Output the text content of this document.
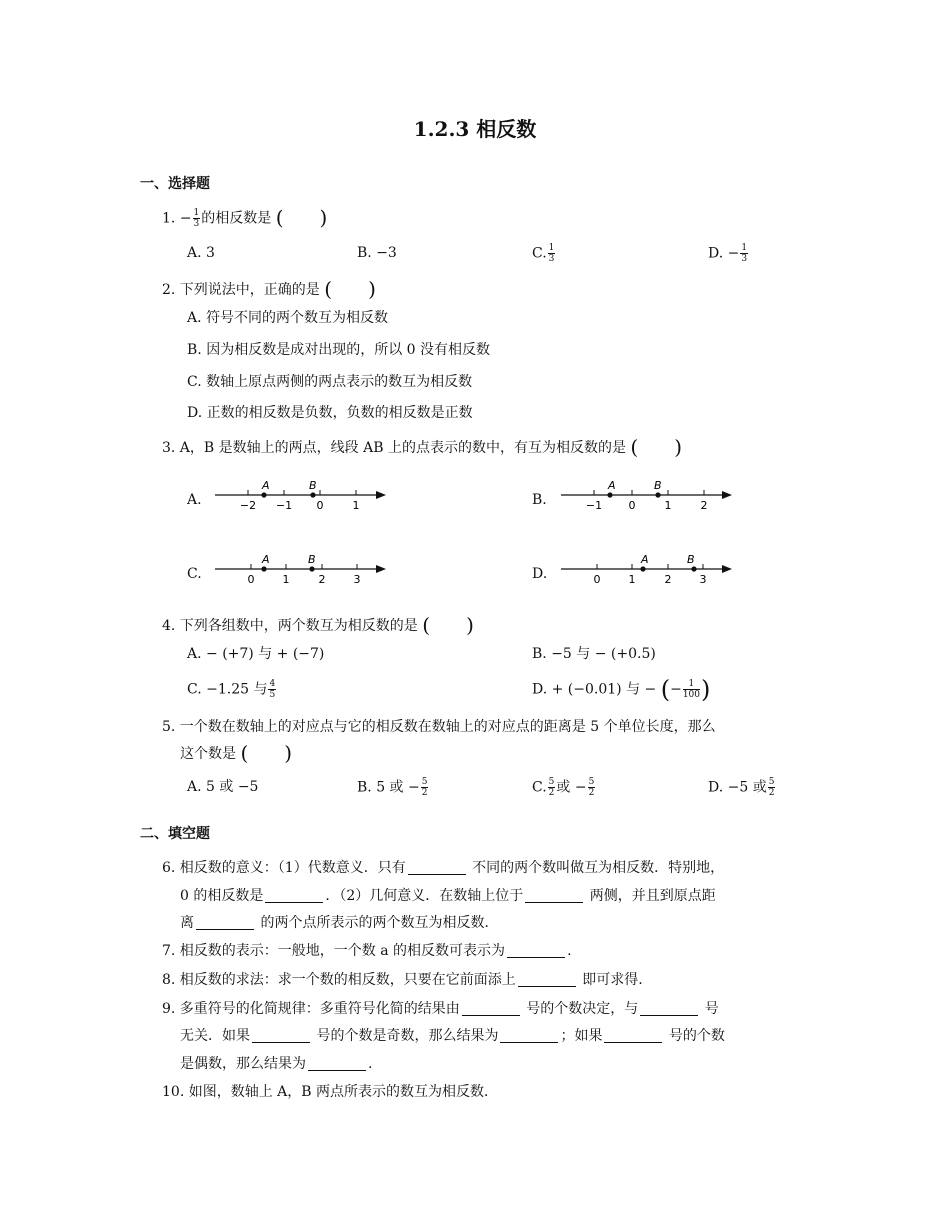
1.2.3 相反数
一、选择题
1. − $\frac{1}{3}$ 的相反数是 ( )
A. 3	B. −3	C. $\frac{1}{3}$	D. − $\frac{1}{3}$
2. 下列说法中，正确的是 ( )
A. 符号不同的两个数互为相反数
B. 因为相反数是成对出现的，所以 0 没有相反数
C. 数轴上原点两侧的两点表示的数互为相反数
D. 正数的相反数是负数，负数的相反数是正数
3. A，B 是数轴上的两点，线段 AB 上的点表示的数中，有互为相反数的是 ( )
A.
A	B
−2 −1 0	1	B.
A	B
−1 0	1	2
C.
A	B
0	1	2	3	D.
A	B
0	1	2	3
4. 下列各组数中，两个数互为相反数的是 ( )
A. − (+7) 与 + (−7)	B. −5 与 − (+0.5)
C. −1.25 与 $\frac{4}{5}$	D. + (−0.01) 与 − (− $\frac{1}{100}$ )
5. 一个数在数轴上的对应点与它的相反数在数轴上的对应点的距离是 5 个单位长度，那么
这个数是 ( )
A. 5 或 −5	B. 5 或 − $\frac{5}{2}$	C. $\frac{5}{2}$ 或 − $\frac{5}{2}$	D. −5 或 $\frac{5}{2}$
二、填空题
6. 相反数的意义：（1）代数意义．只有	不同的两个数叫做互为相反数．特别地，
0 的相反数是	．（2）几何意义．在数轴上位于	两侧，并且到原点距
离	的两个点所表示的两个数互为相反数．
7. 相反数的表示：一般地，一个数 a 的相反数可表示为	.
8. 相反数的求法：求一个数的相反数，只要在它前面添上	即可求得.
9. 多重符号的化简规律：多重符号化简的结果由	号的个数决定，与	号
无关．如果	号的个数是奇数，那么结果为	；如果	号的个数
是偶数，那么结果为	.
10. 如图，数轴上 A，B 两点所表示的数互为相反数．
